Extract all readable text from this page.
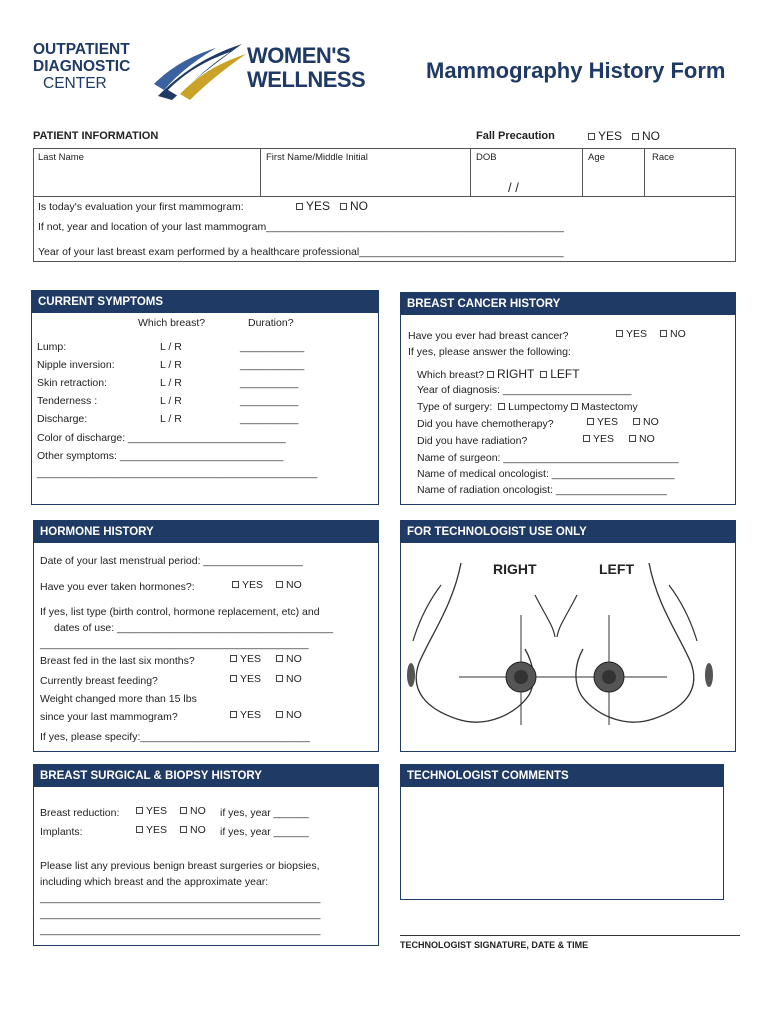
OUTPATIENT
DIAGNOSTIC
CENTER
WOMEN'S
WELLNESS	Mammography History Form
PATIENT INFORMATION	Fall Precaution	YES	NO
Last Name	First Name/Middle Initial	DOB	Age	Race
/ /
Is today's evaluation your first mammogram:	YES	NO
If not, year and location of your last mammogram___________________________________________________
Year of your last breast exam performed by a healthcare professional___________________________________
CURRENT SYMPTOMS
Which breast?	Duration?
Lump:	L / R	___________
Nipple inversion:	L / R	___________
Skin retraction:	L / R	__________
Tenderness :	L / R	__________
Discharge:	L / R	__________
Color of discharge: ___________________________
Other symptoms: ____________________________
________________________________________________
BREAST CANCER HISTORY
Have you ever had breast cancer?	YES	NO
If yes, please answer the following:
Which breast? RIGHT LEFT
Year of diagnosis: ______________________
Type of surgery: Lumpectomy Mastectomy
Did you have chemotherapy?	YES	NO
Did you have radiation?	YES	NO
Name of surgeon: ______________________________
Name of medical oncologist: _____________________
Name of radiation oncologist: ___________________
HORMONE HISTORY
Date of your last menstrual period: _________________
Have you ever taken hormones?:	YES	NO
If yes, list type (birth control, hormone replacement, etc) and
dates of use: _____________________________________
______________________________________________
Breast fed in the last six months?	YES	NO
Currently breast feeding?	YES	NO
Weight changed more than 15 lbs
since your last mammogram?	YES	NO
If yes, please specify:_____________________________
FOR TECHNOLOGIST USE ONLY
RIGHT	LEFT
BREAST SURGICAL & BIOPSY HISTORY
Breast reduction:	YES	NO if yes, year ______
Implants:	YES	NO if yes, year ______
Please list any previous benign breast surgeries or biopsies,
including which breast and the approximate year:
________________________________________________
________________________________________________
________________________________________________
TECHNOLOGIST COMMENTS
TECHNOLOGIST SIGNATURE, DATE & TIME
